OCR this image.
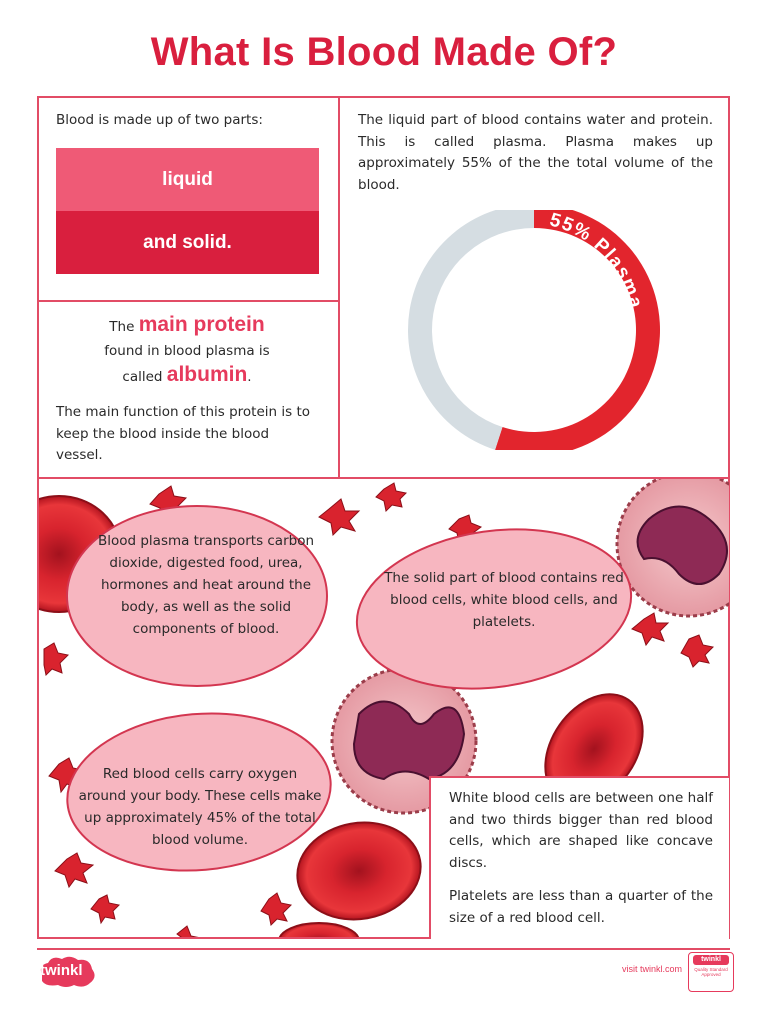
What Is Blood Made Of?
Blood is made up of two parts:
liquid
and solid.
The liquid part of blood contains water and protein. This is called plasma. Plasma makes up approximately 55% of the the total volume of the blood.
55% Plasma
The main protein
found in blood plasma is
called albumin.
The main function of this protein is to keep the blood inside the blood vessel.
Blood plasma transports carbon dioxide, digested food, urea, hormones and heat around the body, as well as the solid components of blood.
The solid part of blood contains red blood cells, white blood cells, and platelets.
Red blood cells carry oxygen around your body. These cells make up approximately 45% of the total blood volume.
White blood cells are between one half and two thirds bigger than red blood cells, which are shaped like concave discs.
Platelets are less than a quarter of the size of a red blood cell.
twinkl	visit twinkl.com
twinkl
Quality Standard Approved
